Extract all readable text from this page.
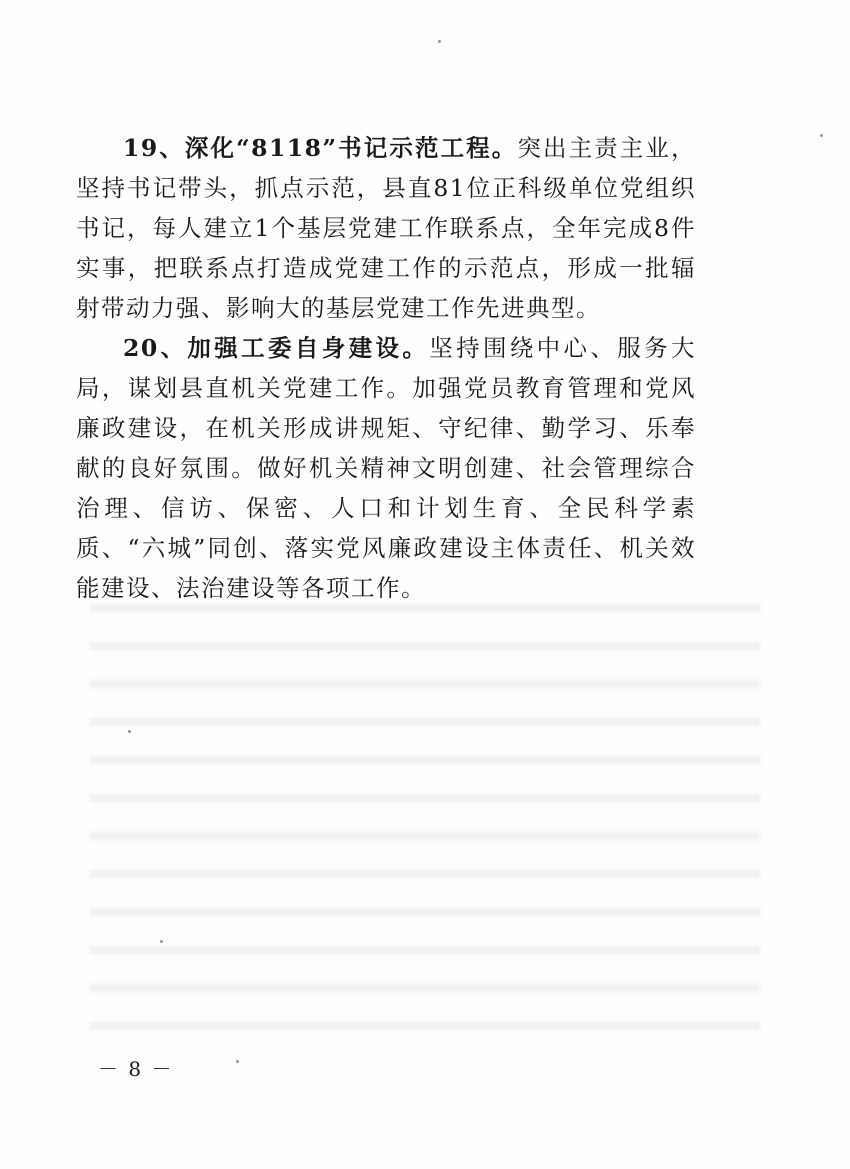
19、深化“8118”书记示范工程。突出主责主业，坚持书记带头，抓点示范，县直81位正科级单位党组织书记，每人建立1个基层党建工作联系点，全年完成8件实事，把联系点打造成党建工作的示范点，形成一批辐射带动力强、影响大的基层党建工作先进典型。

20、加强工委自身建设。坚持围绕中心、服务大局，谋划县直机关党建工作。加强党员教育管理和党风廉政建设，在机关形成讲规矩、守纪律、勤学习、乐奉献的良好氛围。做好机关精神文明创建、社会管理综合治理、信访、保密、人口和计划生育、全民科学素质、“六城”同创、落实党风廉政建设主体责任、机关效能建设、法治建设等各项工作。

－ 8 －
